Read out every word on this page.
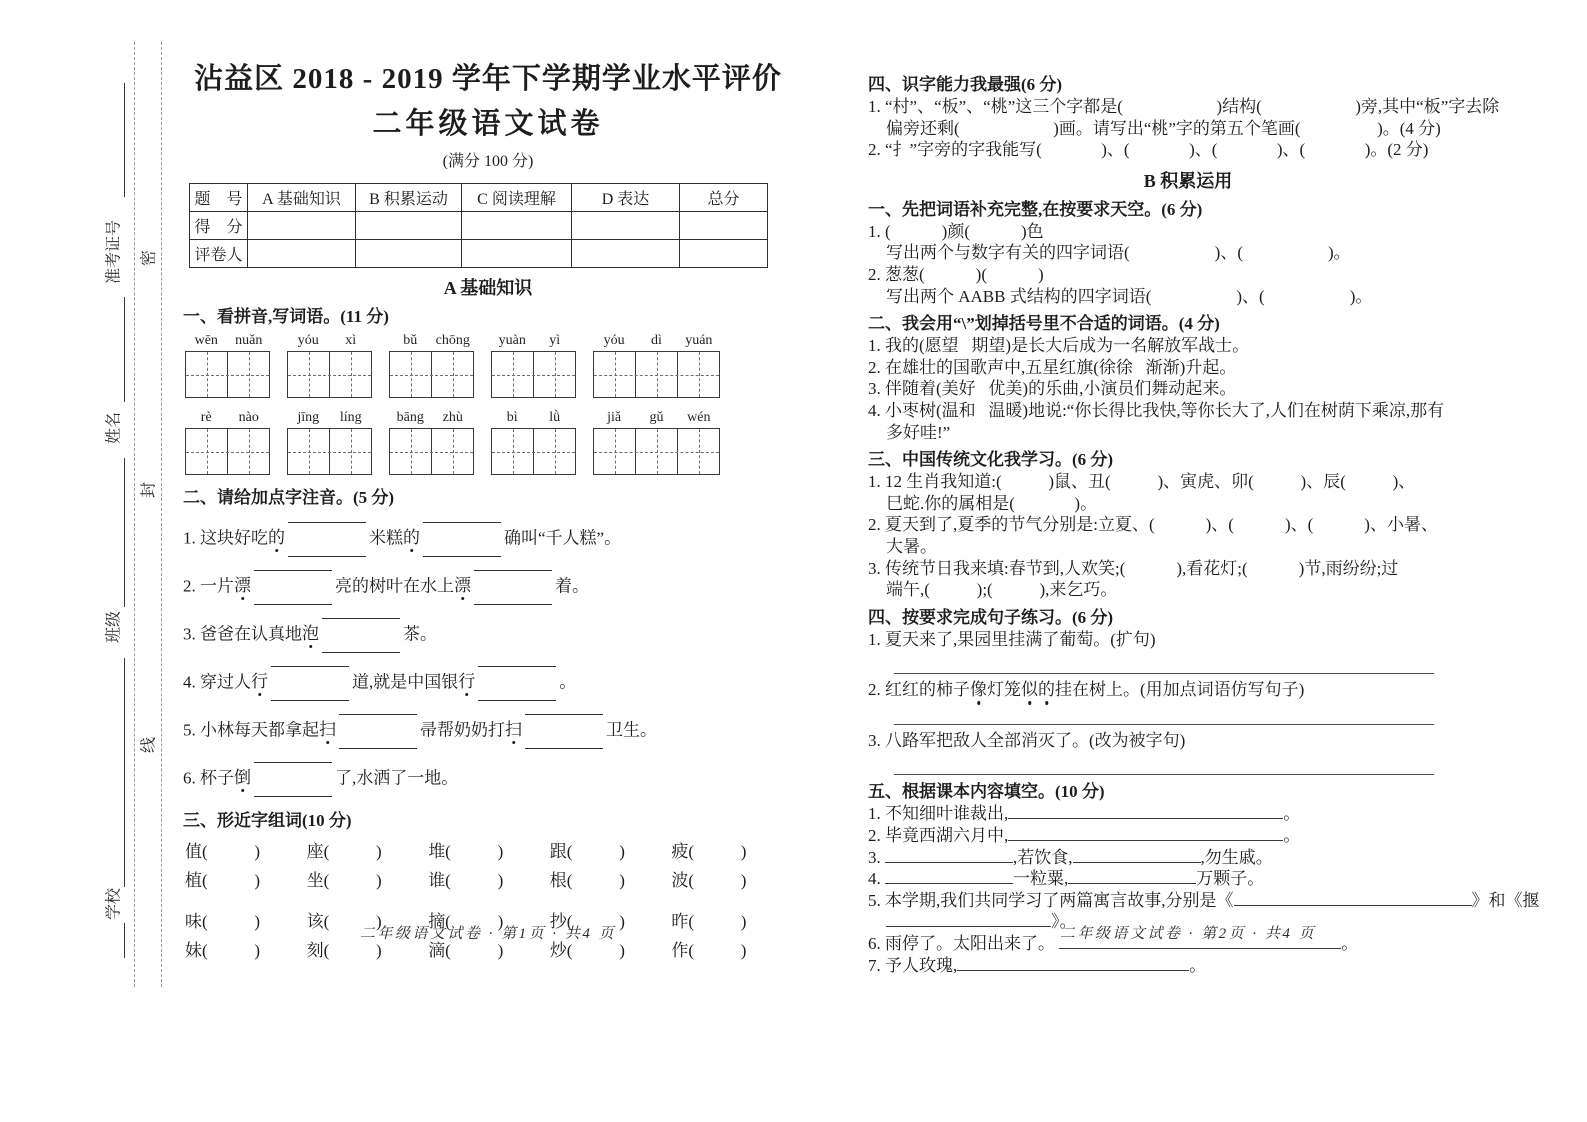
准考证号
姓名
班级
学校
密
封
线
沾益区 2018 - 2019 学年下学期学业水平评价
二年级语文试卷
(满分 100 分)
题    号	A 基础知识	B 积累运动	C 阅读理解	D 表达	总分
得    分					
评卷人					
A 基础知识
一、看拼音,写词语。(11 分)
wēn	nuǎn	yóu	xì	bǔ	chōng	yuàn	yì	yóu	dì	yuán
rè	nào	jīng	líng	bāng	zhù	bì	lǜ	jiǎ	gǔ	wén
二、请给加点字注音。(5 分)
1. 这块好吃的	米糕的	确叫“千人糕”。
2. 一片漂	亮的树叶在水上漂	着。
3. 爸爸在认真地泡	茶。
4. 穿过人行	道,就是中国银行	。
5. 小林每天都拿起扫	帚帮奶奶打扫	卫生。
6. 杯子倒	了,水洒了一地。
三、形近字组词(10 分)
值(           )	座(           )	堆(           )	跟(           )	疲(           )
植(           )	坐(           )	谁(           )	根(           )	波(           )
味(           )	该(           )	摘(           )	抄(           )	昨(           )
妹(           )	刻(           )	滴(           )	炒(           )	作(           )
二年级语文试卷 · 第1页 · 共4 页
四、识字能力我最强(6 分)
1. “村”、“板”、“桃”这三个字都是(                      )结构(                      )旁,其中“板”字去除
偏旁还剩(                      )画。请写出“桃”字的第五个笔画(                  )。(4 分)
2. “扌”字旁的字我能写(              )、(              )、(              )、(              )。(2 分)
B 积累运用
一、先把词语补充完整,在按要求天空。(6 分)
1. (            )颜(            )色
写出两个与数字有关的四字词语(                    )、(                    )。
2. 葱葱(            )(            )
写出两个 AABB 式结构的四字词语(                    )、(                    )。
二、我会用“\”划掉括号里不合适的词语。(4 分)
1. 我的(愿望   期望)是长大后成为一名解放军战士。
2. 在雄壮的国歌声中,五星红旗(徐徐   渐渐)升起。
3. 伴随着(美好   优美)的乐曲,小演员们舞动起来。
4. 小枣树(温和   温暖)地说:“你长得比我快,等你长大了,人们在树荫下乘凉,那有
多好哇!”
三、中国传统文化我学习。(6 分)
1. 12 生肖我知道:(           )鼠、丑(           )、寅虎、卯(           )、辰(           )、
巳蛇.你的属相是(              )。
2. 夏天到了,夏季的节气分别是:立夏、(            )、(            )、(            )、小暑、
大暑。
3. 传统节日我来填:春节到,人欢笑;(            ),看花灯;(            )节,雨纷纷;过
端午,(           );(           ),来乞巧。
四、按要求完成句子练习。(6 分)
1. 夏天来了,果园里挂满了葡萄。(扩句)
2. 红红的柿子像灯笼似的挂在树上。(用加点词语仿写句子)
3. 八路军把敌人全部消灭了。(改为被字句)
五、根据课本内容填空。(10 分)
1. 不知细叶谁裁出,	。
2. 毕竟西湖六月中,	。
3.	,若饮食,	,勿生戚。
4.	一粒粟,	万颗子。
5. 本学期,我们共同学习了两篇寓言故事,分别是《	》和《揠
》。
6. 雨停了。太阳出来了。	。
7. 予人玫瑰,	。
二年级语文试卷 · 第2页 · 共4 页
